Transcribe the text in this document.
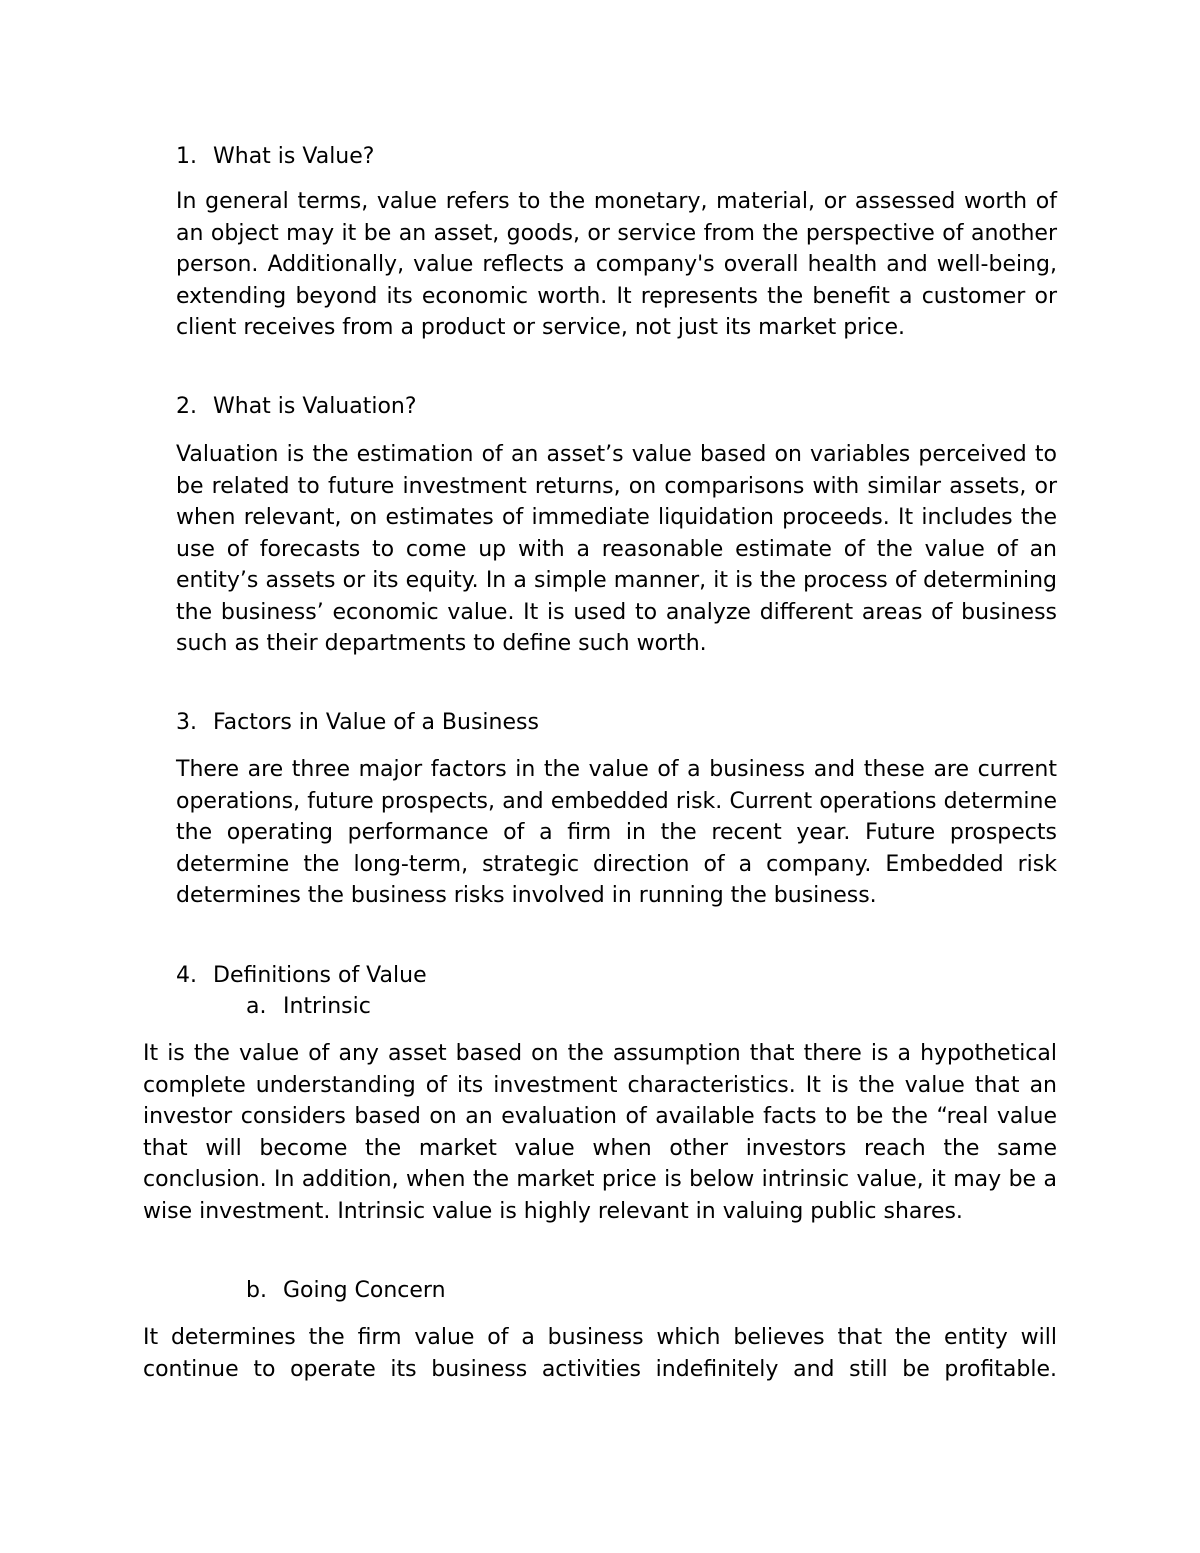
1. What is Value?

In general terms, value refers to the monetary, material, or assessed worth of an object may it be an asset, goods, or service from the perspective of another person. Additionally, value reflects a company's overall health and well-being, extending beyond its economic worth. It represents the benefit a customer or client receives from a product or service, not just its market price.

2. What is Valuation?

Valuation is the estimation of an asset’s value based on variables perceived to be related to future investment returns, on comparisons with similar assets, or when relevant, on estimates of immediate liquidation proceeds. It includes the use of forecasts to come up with a reasonable estimate of the value of an entity’s assets or its equity. In a simple manner, it is the process of determining the business’ economic value. It is used to analyze different areas of business such as their departments to define such worth.

3. Factors in Value of a Business

There are three major factors in the value of a business and these are current operations, future prospects, and embedded risk. Current operations determine the operating performance of a firm in the recent year. Future prospects determine the long-term, strategic direction of a company. Embedded risk determines the business risks involved in running the business.

4. Definitions of Value
a. Intrinsic

It is the value of any asset based on the assumption that there is a hypothetical complete understanding of its investment characteristics. It is the value that an investor considers based on an evaluation of available facts to be the “real value that will become the market value when other investors reach the same conclusion. In addition, when the market price is below intrinsic value, it may be a wise investment. Intrinsic value is highly relevant in valuing public shares.

b. Going Concern

It determines the firm value of a business which believes that the entity will continue to operate its business activities indefinitely and still be profitable.
